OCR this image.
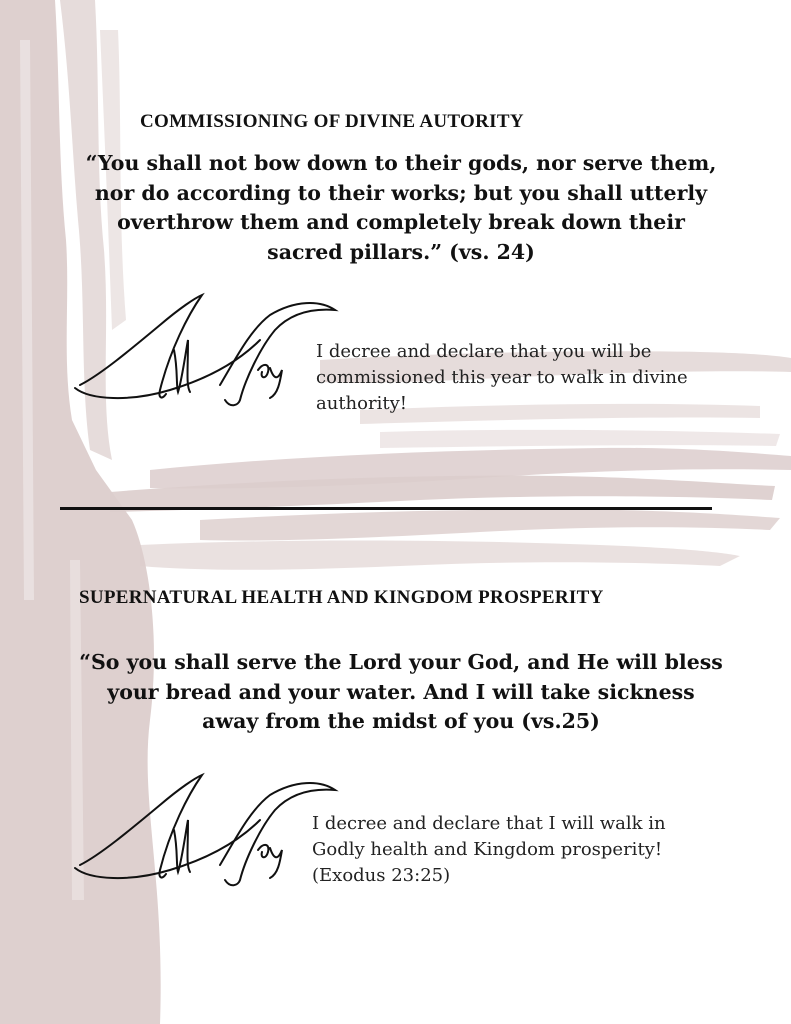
COMMISSIONING OF DIVINE AUTORITY
“You shall not bow down to their gods, nor serve them, nor do according to their works; but you shall utterly overthrow them and completely break down their sacred pillars.” (vs. 24)
I decree and declare that you will be commissioned this year to walk in divine authority!
SUPERNATURAL HEALTH AND KINGDOM PROSPERITY
“So you shall serve the Lord your God, and He will bless your bread and your water. And I will take sickness away from the midst of you (vs.25)
I decree and declare that I will walk in Godly health and Kingdom prosperity! (Exodus 23:25)
